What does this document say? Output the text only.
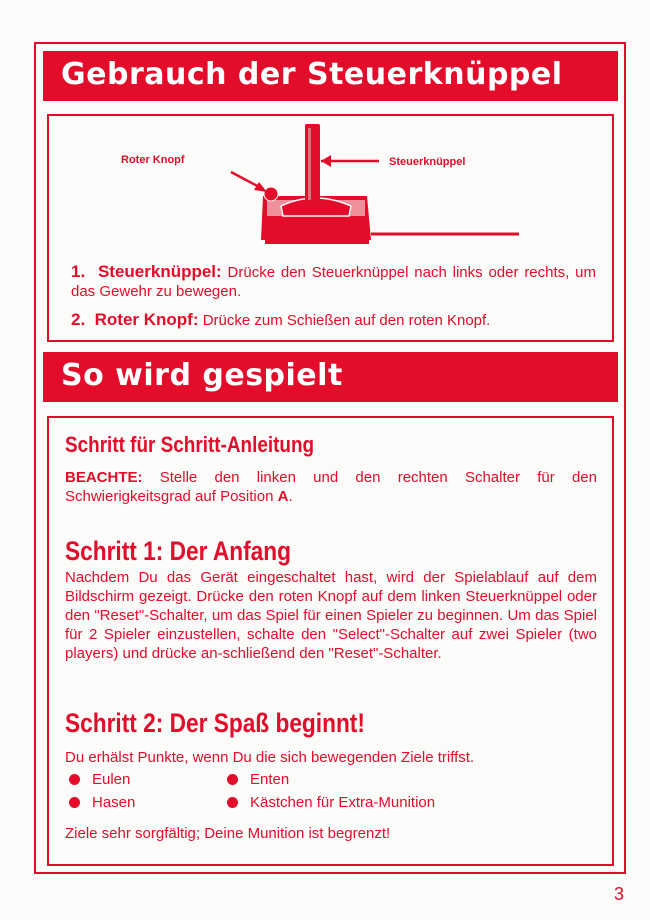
Gebrauch der Steuerknüppel
Roter Knopf	Steuerknüppel
1. Steuerknüppel: Drücke den Steuerknüppel nach links oder rechts, um das Gewehr zu bewegen.
2. Roter Knopf: Drücke zum Schießen auf den roten Knopf.
So wird gespielt
Schritt für Schritt-Anleitung
BEACHTE: Stelle den linken und den rechten Schalter für den Schwierigkeitsgrad auf Position A.
Schritt 1: Der Anfang
Nachdem Du das Gerät eingeschaltet hast, wird der Spielablauf auf dem Bildschirm gezeigt. Drücke den roten Knopf auf dem linken Steuerknüppel oder den "Reset"-Schalter, um das Spiel für einen Spieler zu beginnen. Um das Spiel für 2 Spieler einzustellen, schalte den "Select"-Schalter auf zwei Spieler (two players) und drücke an-schließend den "Reset"-Schalter.
Schritt 2: Der Spaß beginnt!
Du erhälst Punkte, wenn Du die sich bewegenden Ziele triffst.
Eulen	Enten
Hasen	Kästchen für Extra-Munition
Ziele sehr sorgfältig; Deine Munition ist begrenzt!
3
